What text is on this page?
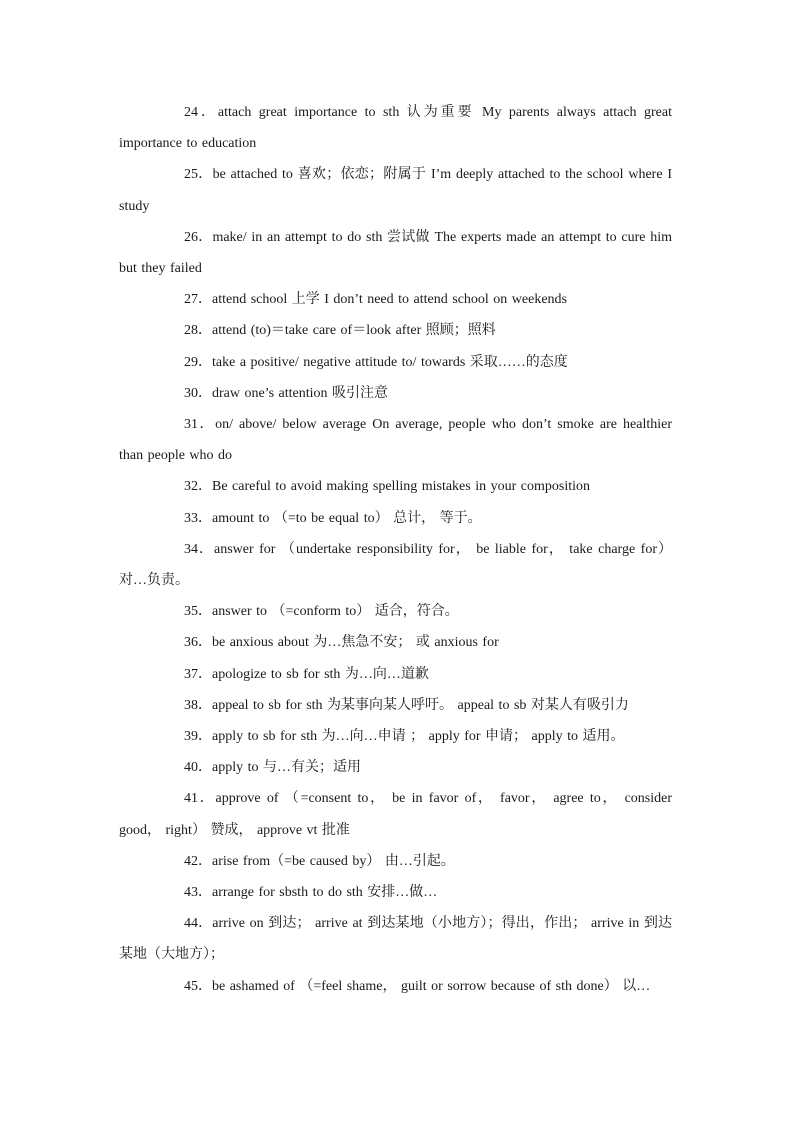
24．attach great importance to sth 认为重要 My parents always attach great importance to education

25．be attached to 喜欢；依恋；附属于 I’m deeply attached to the school where I study

26．make/ in an attempt to do sth 尝试做 The experts made an attempt to cure him but they failed

27．attend school 上学 I don’t need to attend school on weekends

28．attend (to)＝take care of＝look after 照顾；照料

29．take a positive/ negative attitude to/ towards 采取……的态度

30．draw one’s attention 吸引注意

31．on/ above/ below average On average, people who don’t smoke are healthier than people who do

32．Be careful to avoid making spelling mistakes in your composition

33．amount to （=to be equal to） 总计， 等于。

34．answer for （undertake responsibility for， be liable for， take charge for） 对…负责。

35．answer to （=conform to） 适合，符合。

36．be anxious about 为…焦急不安； 或 anxious for

37．apologize to sb for sth 为…向…道歉

38．appeal to sb for sth 为某事向某人呼吁。 appeal to sb 对某人有吸引力

39．apply to sb for sth 为…向…申请 ； apply for 申请； apply to 适用。

40．apply to 与…有关；适用

41．approve of （=consent to， be in favor of， favor， agree to， consider good， right） 赞成， approve vt 批准

42．arise from（=be caused by） 由…引起。

43．arrange for sbsth to do sth 安排…做…

44．arrive on 到达； arrive at 到达某地（小地方）；得出，作出； arrive in 到达某地（大地方）；

45．be ashamed of （=feel shame， guilt or sorrow because of sth done） 以…
